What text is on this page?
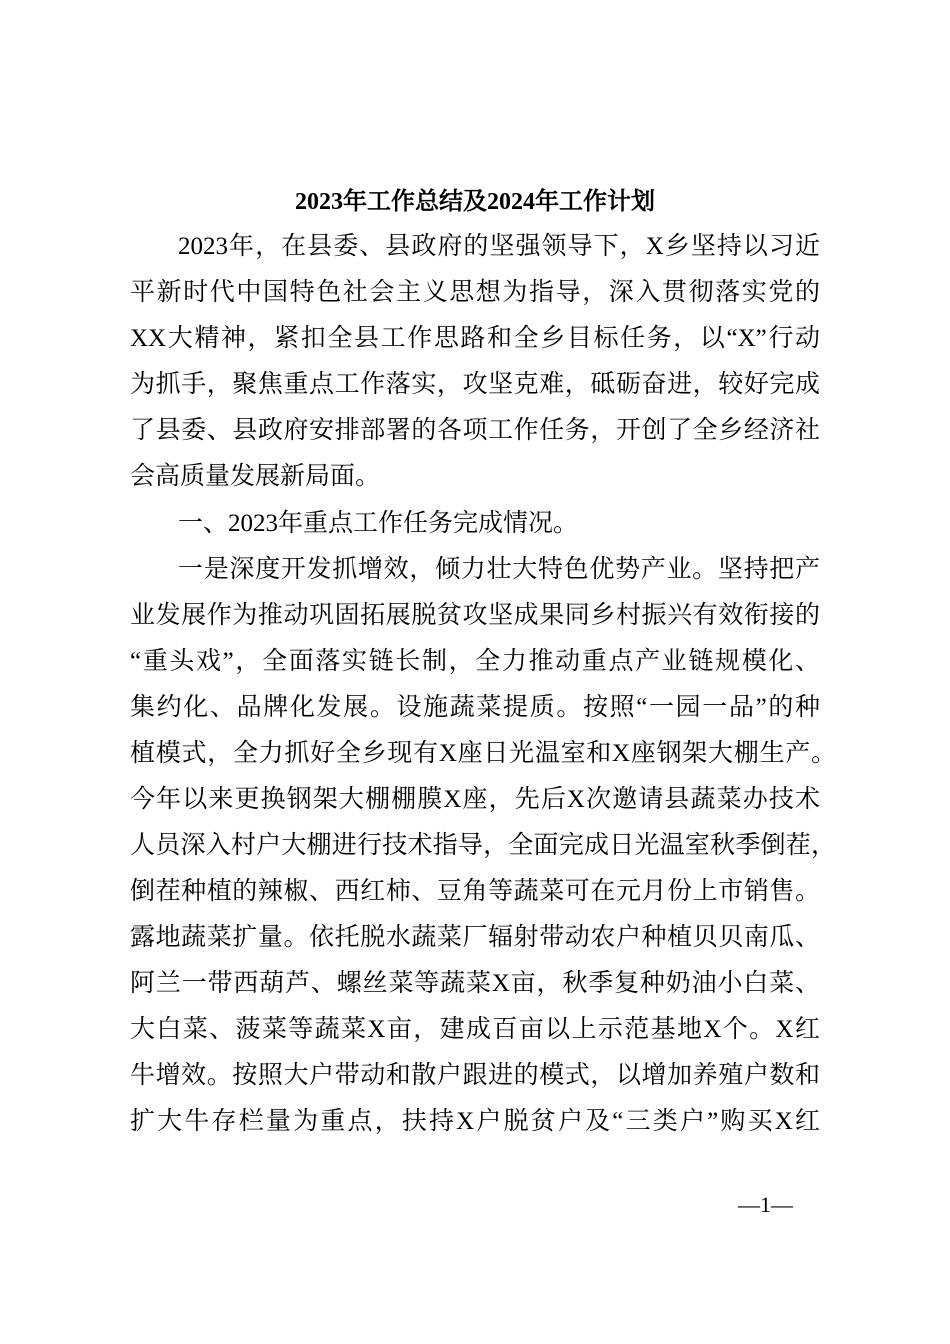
2023年工作总结及2024年工作计划
2023年，在县委、县政府的坚强领导下，X乡坚持以习近
平新时代中国特色社会主义思想为指导，深入贯彻落实党的
XX大精神，紧扣全县工作思路和全乡目标任务，以“X”行动
为抓手，聚焦重点工作落实，攻坚克难，砥砺奋进，较好完成
了县委、县政府安排部署的各项工作任务，开创了全乡经济社
会高质量发展新局面。
一、2023年重点工作任务完成情况。
一是深度开发抓增效，倾力壮大特色优势产业。坚持把产
业发展作为推动巩固拓展脱贫攻坚成果同乡村振兴有效衔接的
“重头戏”，全面落实链长制，全力推动重点产业链规模化、
集约化、品牌化发展。设施蔬菜提质。按照“一园一品”的种
植模式，全力抓好全乡现有X座日光温室和X座钢架大棚生产。
今年以来更换钢架大棚棚膜X座，先后X次邀请县蔬菜办技术
人员深入村户大棚进行技术指导，全面完成日光温室秋季倒茬，
倒茬种植的辣椒、西红柿、豆角等蔬菜可在元月份上市销售。
露地蔬菜扩量。依托脱水蔬菜厂辐射带动农户种植贝贝南瓜、
阿兰一带西葫芦、螺丝菜等蔬菜X亩，秋季复种奶油小白菜、
大白菜、菠菜等蔬菜X亩，建成百亩以上示范基地X个。X红
牛增效。按照大户带动和散户跟进的模式，以增加养殖户数和
扩大牛存栏量为重点，扶持X户脱贫户及“三类户”购买X红
—1—
